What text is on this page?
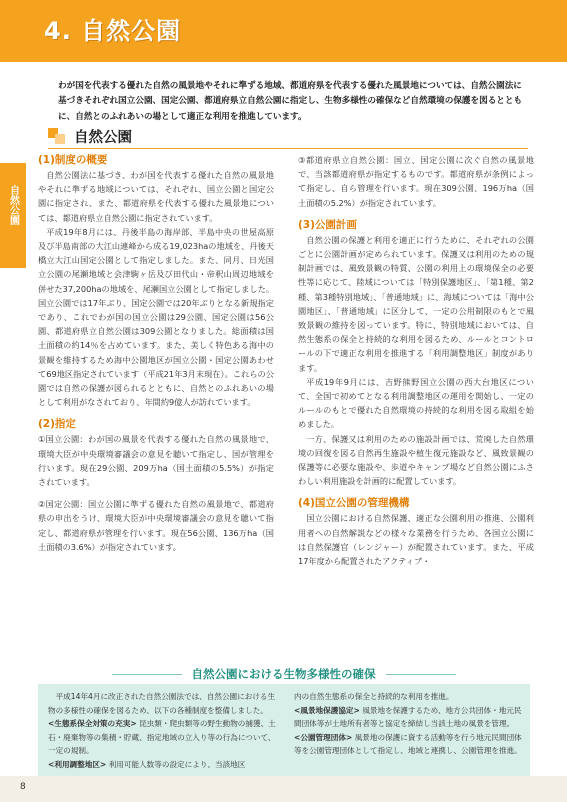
4. 自然公園
自然公園

わが国を代表する優れた自然の風景地やそれに準ずる地域、都道府県を代表する優れた風景地については、自然公園法に基づきそれぞれ国立公園、国定公園、都道府県立自然公園に指定し、生物多様性の確保など自然環境の保護を図るとともに、自然とのふれあいの場として適正な利用を推進しています。

自然公園
(1)制度の概要

自然公園法に基づき、わが国を代表する優れた自然の風景地やそれに準ずる地域については、それぞれ、国立公園と国定公園に指定され、また、都道府県を代表する優れた風景地については、都道府県立自然公園に指定されています。

平成19年8月には、丹後半島の海岸部、半島中央の世屋高原及び半島南部の大江山連峰から成る19,023haの地域を、丹後天橋立大江山国定公園として指定しました。また、同月、日光国立公園の尾瀬地域と会津駒ヶ岳及び田代山・帝釈山周辺地域を併せた37,200haの地域を、尾瀬国立公園として指定しました。国立公園では17年ぶり、国定公園では20年ぶりとなる新規指定であり、これでわが国の国立公園は29公園、国定公園は56公園、都道府県立自然公園は309公園となりました。総面積は国土面積の約14％を占めています。また、美しく特色ある海中の景観を維持するため海中公園地区が国立公園・国定公園あわせて69地区指定されています（平成21年3月末現在）。これらの公園では自然の保護が図られるとともに、自然とのふれあいの場として利用がなされており、年間約9億人が訪れています。

(2)指定

①国立公園：わが国の風景を代表する優れた自然の風景地で、環境大臣が中央環境審議会の意見を聴いて指定し、国が管理を行います。現在29公園、209万ha（国土面積の5.5%）が指定されています。

②国定公園：国立公園に準ずる優れた自然の風景地で、都道府県の申出をうけ、環境大臣が中央環境審議会の意見を聴いて指定し、都道府県が管理を行います。現在56公園、136万ha（国土面積の3.6%）が指定されています。

③都道府県立自然公園：国立、国定公園に次ぐ自然の風景地で、当該都道府県が指定するものです。都道府県が条例によって指定し、自ら管理を行います。現在309公園、196万ha（国土面積の5.2%）が指定されています。

(3)公園計画

自然公園の保護と利用を適正に行うために、それぞれの公園ごとに公園計画が定められています。保護又は利用のための規制計画では、風致景観の特質、公園の利用上の環境保全の必要性等に応じて、陸域については「特別保護地区」、「第1種、第2種、第3種特別地域」、「普通地域」に、海域については「海中公園地区」、「普通地域」に区分して、一定の公用制限のもとで風致景観の維持を図っています。特に、特別地域においては、自然生態系の保全と持続的な利用を図るため、ルールとコントロールの下で適正な利用を推進する「利用調整地区」制度があります。

平成19年9月には、吉野熊野国立公園の西大台地区について、全国で初めてとなる利用調整地区の運用を開始し、一定のルールのもとで優れた自然環境の持続的な利用を図る取組を始めました。

一方、保護又は利用のための施設計画では、荒廃した自然環境の回復を図る自然再生施設や植生復元施設など、風致景観の保護等に必要な施設や、歩道やキャンプ場など自然公園にふさわしい利用施設を計画的に配置しています。

(4)国立公園の管理機構

国立公園における自然保護、適正な公園利用の推進、公園利用者への自然解説などの様々な業務を行うため、各国立公園には自然保護官（レンジャー）が配置されています。また、平成17年度から配置されたアクティブ・

自然公園における生物多様性の確保

平成14年4月に改正された自然公園法では、自然公園における生物の多様性の確保を図るため、以下の各種制度を整備しました。

<生態系保全対策の充実> 昆虫類・爬虫類等の野生動物の捕獲、土石・廃棄物等の集積・貯蔵、指定地域の立入り等の行為について、一定の規制。

<利用調整地区> 利用可能人数等の設定により、当該地区

内の自然生態系の保全と持続的な利用を推進。

<風景地保護協定> 風景地を保護するため、地方公共団体・地元民間団体等が土地所有者等と協定を締結し当該土地の風景を管理。

<公園管理団体> 風景地の保護に資する活動等を行う地元民間団体等を公園管理団体として指定し、地域と連携し、公園管理を推進。

8
